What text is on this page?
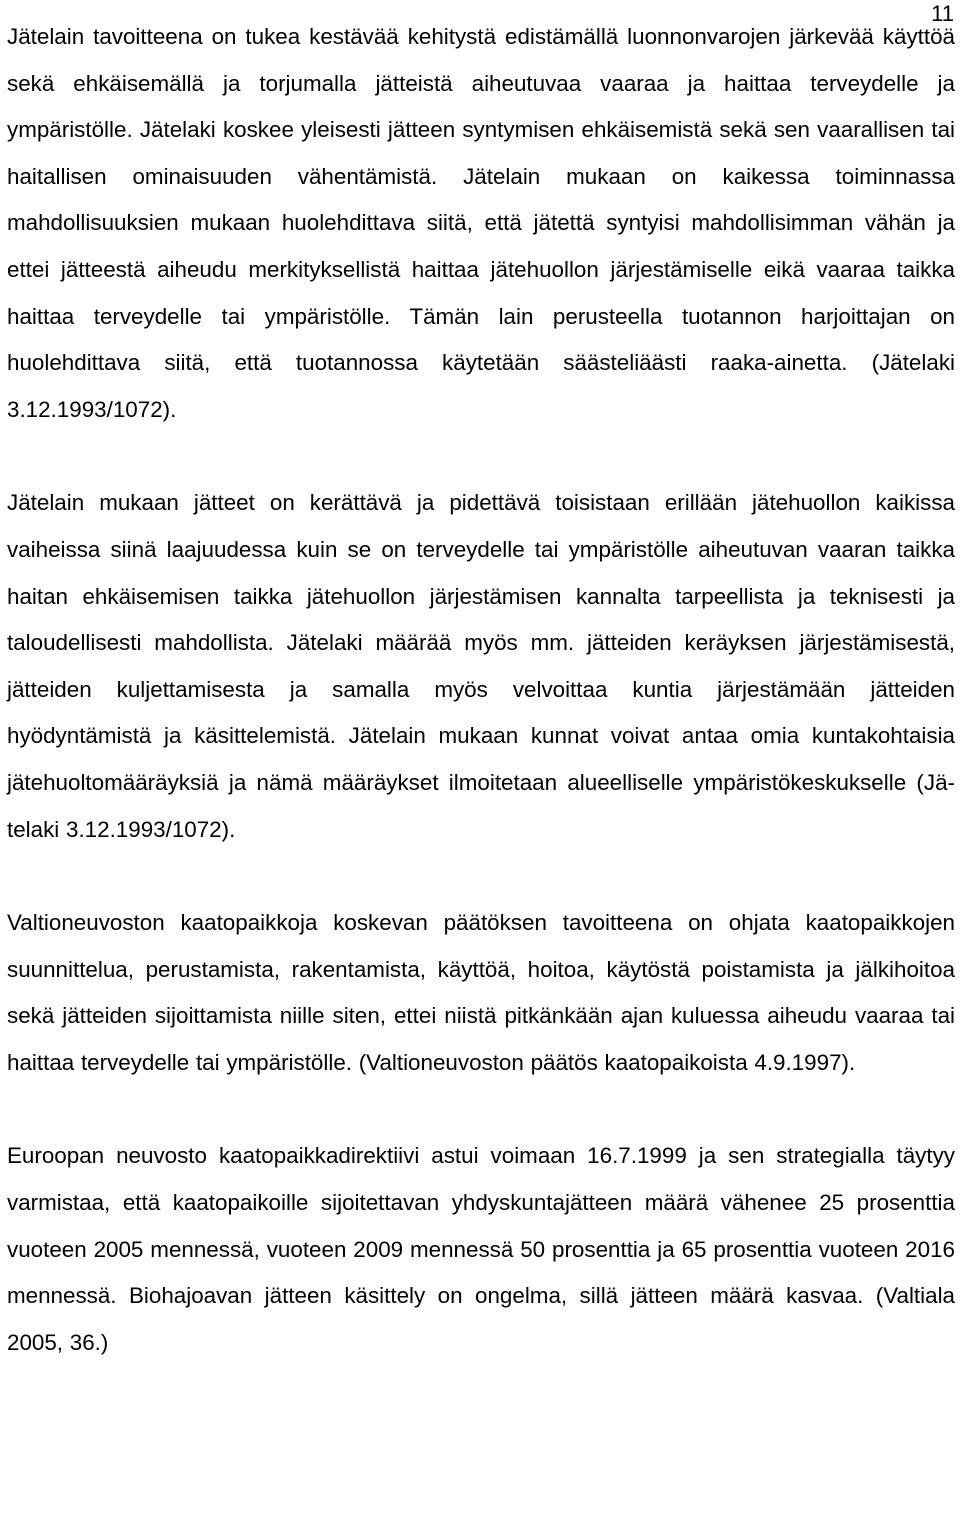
11

Jätelain tavoitteena on tukea kestävää kehitystä edistämällä luonnonvarojen järkevää käyttöä sekä ehkäisemällä ja torjumalla jätteistä aiheutuvaa vaaraa ja haittaa terveydelle ja ympäristölle. Jätelaki koskee yleisesti jätteen syntymisen ehkäisemistä sekä sen vaarallisen tai haitallisen ominaisuuden vähentämistä. Jätelain mukaan on kaikessa toiminnassa mahdollisuuksien mukaan huolehdittava siitä, että jätettä syntyisi mahdollisimman vähän ja ettei jätteestä aiheudu merkityksellistä haittaa jätehuollon järjestämiselle eikä vaaraa taikka haittaa terveydelle tai ympäristölle. Tämän lain perusteella tuotannon harjoittajan on huolehdittava siitä, että tuotannossa käytetään säästeliäästi raaka-ainetta. (Jätelaki 3.12.1993/1072).

Jätelain mukaan jätteet on kerättävä ja pidettävä toisistaan erillään jätehuollon kaikissa vaiheissa siinä laajuudessa kuin se on terveydelle tai ympäristölle aiheutuvan vaaran taikka haitan ehkäisemisen taikka jätehuollon järjestämisen kannalta tarpeellista ja teknisesti ja taloudellisesti mahdollista. Jätelaki määrää myös mm. jätteiden keräyksen järjestämisestä, jätteiden kuljettamisesta ja samalla myös velvoittaa kuntia järjestämään jätteiden hyödyntämistä ja käsittelemistä. Jätelain mukaan kunnat voivat antaa omia kuntakohtaisia jätehuoltomääräyksiä ja nämä määräykset ilmoitetaan alueelliselle ympäristökeskukselle (Jätelaki 3.12.1993/1072).

Valtioneuvoston kaatopaikkoja koskevan päätöksen tavoitteena on ohjata kaatopaikkojen suunnittelua, perustamista, rakentamista, käyttöä, hoitoa, käytöstä poistamista ja jälkihoitoa sekä jätteiden sijoittamista niille siten, ettei niistä pitkänkään ajan kuluessa aiheudu vaaraa tai haittaa terveydelle tai ympäristölle. (Valtioneuvoston päätös kaatopaikoista 4.9.1997).

Euroopan neuvosto kaatopaikkadirektiivi astui voimaan 16.7.1999 ja sen strategialla täytyy varmistaa, että kaatopaikoille sijoitettavan yhdyskuntajätteen määrä vähenee 25 prosenttia vuoteen 2005 mennessä, vuoteen 2009 mennessä 50 prosenttia ja 65 prosenttia vuoteen 2016 mennessä. Biohajoavan jätteen käsittely on ongelma, sillä jätteen määrä kasvaa. (Valtiala 2005, 36.)
